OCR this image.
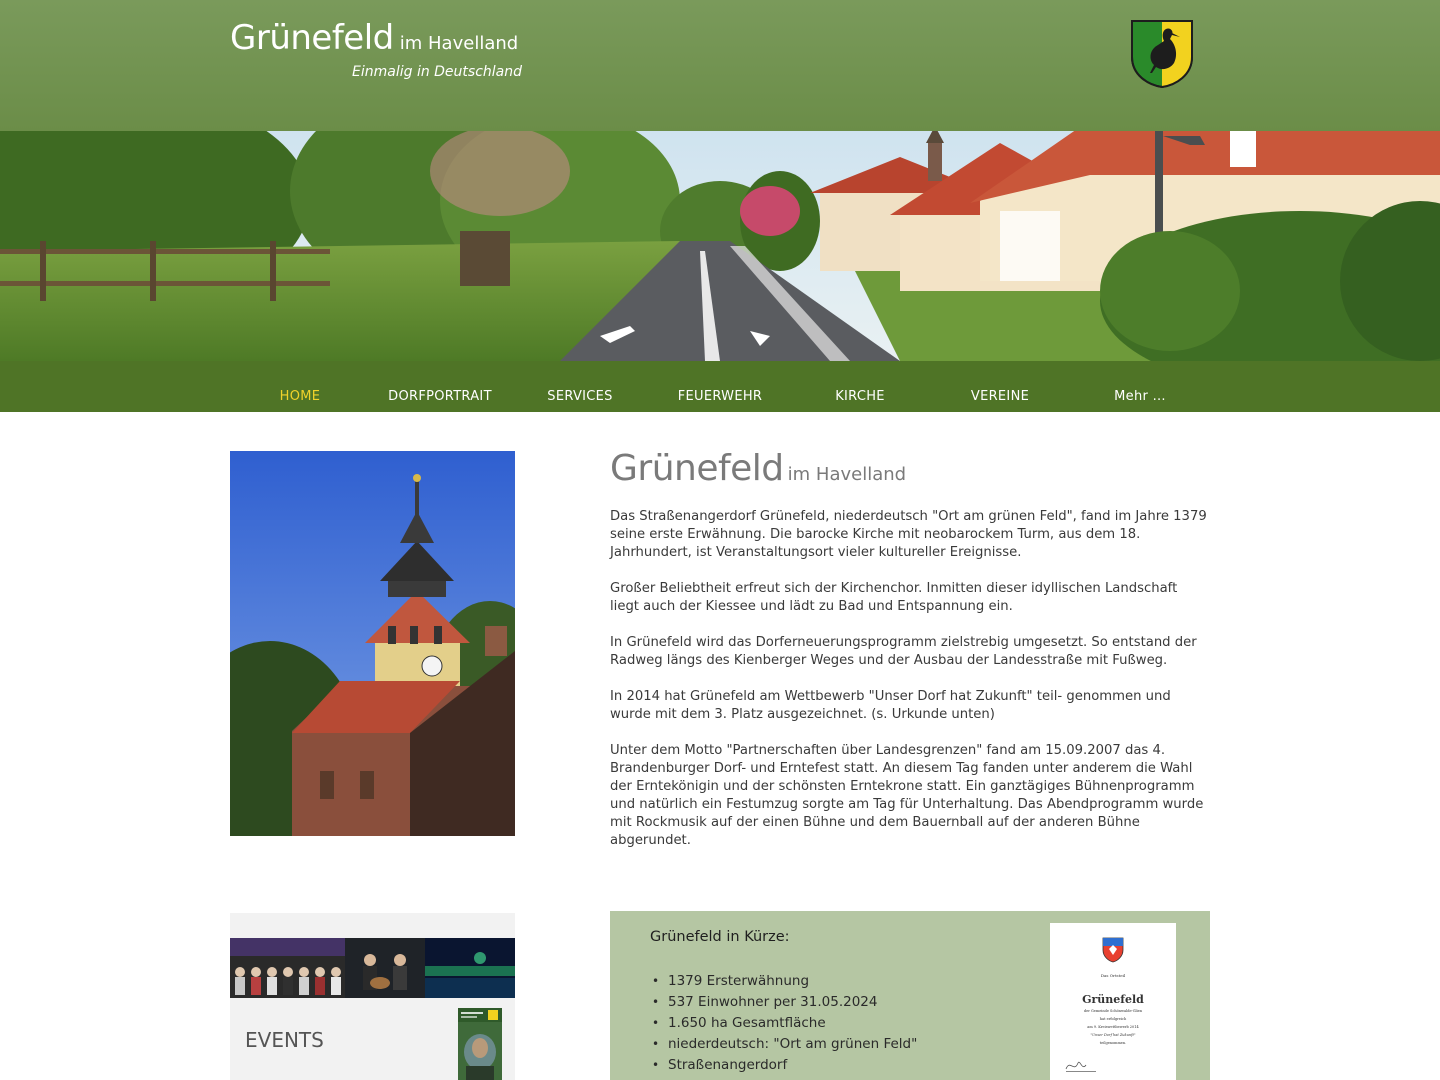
Grünefeld im Havelland
Einmalig in Deutschland
HOME	DORFPORTRAIT	SERVICES	FEUERWEHR	KIRCHE	VEREINE	Mehr ...
Grünefeld im Havelland

Das Straßenangerdorf Grünefeld, niederdeutsch "Ort am grünen Feld", fand im Jahre 1379 seine erste Erwähnung. Die barocke Kirche mit neobarockem Turm, aus dem 18. Jahrhundert, ist Veranstaltungsort vieler kultureller Ereignisse.

Großer Beliebtheit erfreut sich der Kirchenchor. Inmitten dieser idyllischen Landschaft liegt auch der Kiessee und lädt zu Bad und Entspannung ein.

In Grünefeld wird das Dorferneuerungsprogramm zielstrebig umgesetzt. So entstand der Radweg längs des Kienberger Weges und der Ausbau der Landesstraße mit Fußweg.

In 2014 hat Grünefeld am Wettbewerb "Unser Dorf hat Zukunft" teil- genommen und wurde mit dem 3. Platz ausgezeichnet. (s. Urkunde unten)

Unter dem Motto "Partnerschaften über Landesgrenzen" fand am 15.09.2007 das 4. Brandenburger Dorf- und Erntefest statt. An diesem Tag fanden unter anderem die Wahl der Erntekönigin und der schönsten Erntekrone statt. Ein ganztägiges Bühnenprogramm und natürlich ein Festumzug sorgte am Tag für Unterhaltung. Das Abendprogramm wurde mit Rockmusik auf der einen Bühne und dem Bauernball auf der anderen Bühne abgerundet.

EVENTS
Grünefeld in Kürze:
• 1379 Ersterwähnung
• 537 Einwohner per 31.05.2024
• 1.650 ha Gesamtfläche
• niederdeutsch: "Ort am grünen Feld"
• Straßenangerdorf
Das Ortsteil
Grünefeld
der Gemeinde Schönwalde-Glien
hat erfolgreich
am 9. Kreiswettbewerb 2014
"Unser Dorf hat Zukunft"
teilgenommen.
